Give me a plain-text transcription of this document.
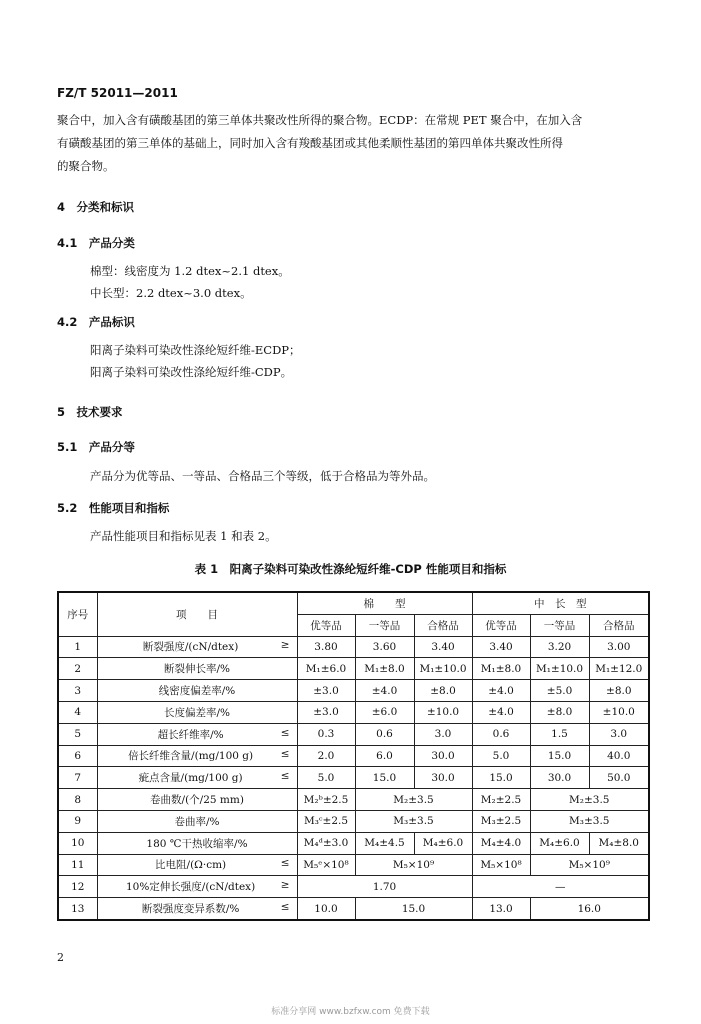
FZ/T 52011—2011
聚合中，加入含有磺酸基团的第三单体共聚改性所得的聚合物。ECDP：在常规 PET 聚合中，在加入含
有磺酸基团的第三单体的基础上，同时加入含有羧酸基团或其他柔顺性基团的第四单体共聚改性所得
的聚合物。
4　分类和标识
4.1　产品分类
棉型：线密度为 1.2 dtex~2.1 dtex。
中长型：2.2 dtex~3.0 dtex。
4.2　产品标识
阳离子染料可染改性涤纶短纤维-ECDP；
阳离子染料可染改性涤纶短纤维-CDP。
5　技术要求
5.1　产品分等
产品分为优等品、一等品、合格品三个等级，低于合格品为等外品。
5.2　性能项目和指标
产品性能项目和指标见表 1 和表 2。
表 1　阳离子染料可染改性涤纶短纤维-CDP 性能项目和指标
序号	项　　目	棉　　型			中　长　型		
		优等品	一等品	合格品	优等品	一等品	合格品
1	断裂强度/(cN/dtex) ≥	3.80	3.60	3.40	3.40	3.20	3.00
2	断裂伸长率/%	M₁±6.0	M₁±8.0	M₁±10.0	M₁±8.0	M₁±10.0	M₁±12.0
3	线密度偏差率/%	±3.0	±4.0	±8.0	±4.0	±5.0	±8.0
4	长度偏差率/%	±3.0	±6.0	±10.0	±4.0	±8.0	±10.0
5	超长纤维率/% ≤	0.3	0.6	3.0	0.6	1.5	3.0
6	倍长纤维含量/(mg/100 g) ≤	2.0	6.0	30.0	5.0	15.0	40.0
7	疵点含量/(mg/100 g) ≤	5.0	15.0	30.0	15.0	30.0	50.0
8	卷曲数/(个/25 mm)	M₂ᵇ±2.5	M₂±3.5		M₂±2.5	M₂±3.5	
9	卷曲率/%	M₃ᶜ±2.5	M₃±3.5		M₃±2.5	M₃±3.5	
10	180 ℃干热收缩率/%	M₄ᵈ±3.0	M₄±4.5	M₄±6.0	M₄±4.0	M₄±6.0	M₄±8.0
11	比电阻/(Ω·cm) ≤	M₅ᵉ×10⁸	M₅×10⁹		M₅×10⁸	M₅×10⁹	
12	10%定伸长强度/(cN/dtex) ≥	1.70			—		
13	断裂强度变异系数/% ≤	10.0	15.0		13.0	16.0	
2
标准分享网 www.bzfxw.com 免费下载
